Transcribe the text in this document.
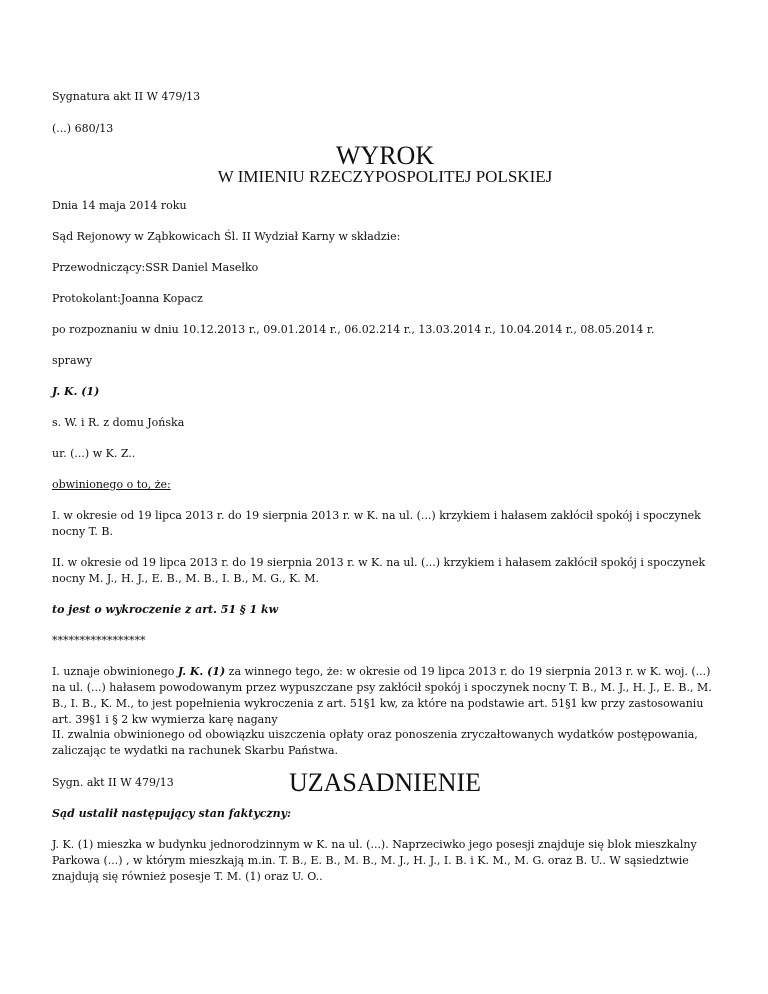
Sygnatura akt II W 479/13

(...) 680/13

WYROK
W IMIENIU RZECZYPOSPOLITEJ POLSKIEJ

Dnia 14 maja 2014 roku

Sąd Rejonowy w Ząbkowicach Śl. II Wydział Karny w składzie:

Przewodniczący:SSR Daniel Masełko

Protokolant:Joanna Kopacz

po rozpoznaniu w dniu 10.12.2013 r., 09.01.2014 r., 06.02.214 r., 13.03.2014 r., 10.04.2014 r., 08.05.2014 r.

sprawy

J. K. (1)

s. W. i R. z domu Jońska

ur. (...) w K. Z..

obwinionego o to, że:

I. w okresie od 19 lipca 2013 r. do 19 sierpnia 2013 r. w K. na ul. (...) krzykiem i hałasem zakłócił spokój i spoczynek nocny T. B.

II. w okresie od 19 lipca 2013 r. do 19 sierpnia 2013 r. w K. na ul. (...) krzykiem i hałasem zakłócił spokój i spoczynek nocny M. J., H. J., E. B., M. B., I. B., M. G., K. M.

to jest o wykroczenie z art. 51 § 1 kw

*****************

I. uznaje obwinionego J. K. (1) za winnego tego, że: w okresie od 19 lipca 2013 r. do 19 sierpnia 2013 r. w K. woj. (...) na ul. (...) hałasem powodowanym przez wypuszczane psy zakłócił spokój i spoczynek nocny T. B., M. J., H. J., E. B., M. B., I. B., K. M., to jest popełnienia wykroczenia z art. 51§1 kw, za które na podstawie art. 51§1 kw przy zastosowaniu art. 39§1 i § 2 kw wymierza karę nagany

II. zwalnia obwinionego od obowiązku uiszczenia opłaty oraz ponoszenia zryczałtowanych wydatków postępowania, zaliczając te wydatki na rachunek Skarbu Państwa.

Sygn. akt II W 479/13	UZASADNIENIE

Sąd ustalił następujący stan faktyczny:

J. K. (1) mieszka w budynku jednorodzinnym w K. na ul. (...). Naprzeciwko jego posesji znajduje się blok mieszkalny Parkowa (...) , w którym mieszkają m.in. T. B., E. B., M. B., M. J., H. J., I. B. i K. M., M. G. oraz B. U.. W sąsiedztwie znajdują się również posesje T. M. (1) oraz U. O..
